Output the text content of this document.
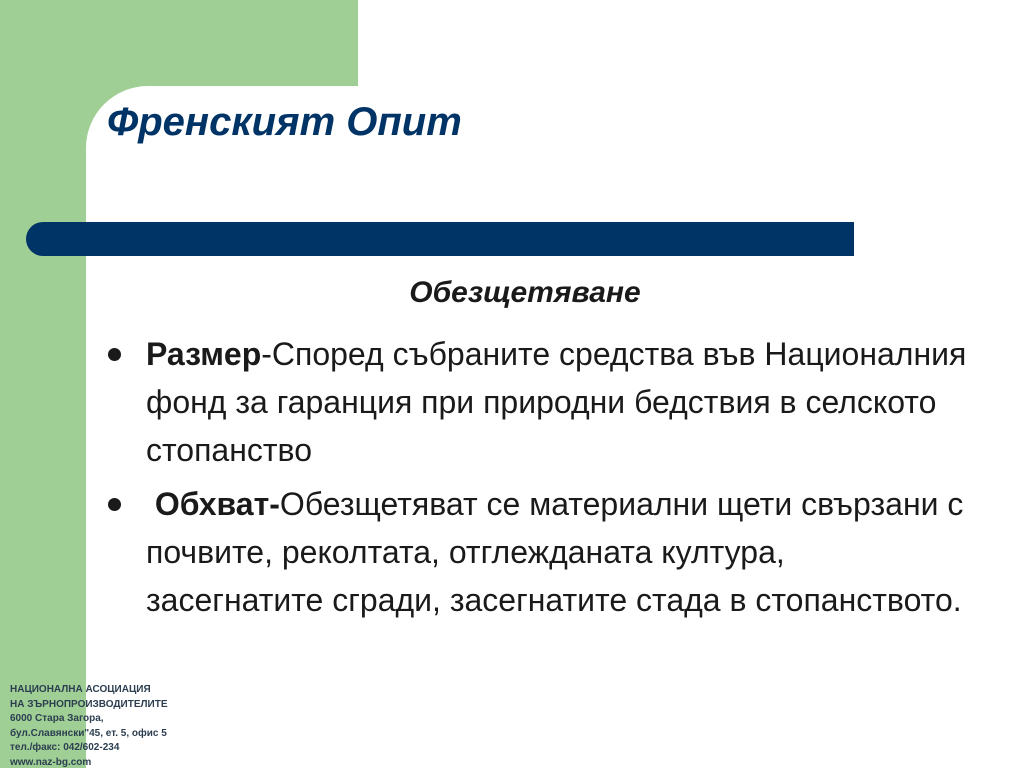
Френският Опит
Обезщетяване
Размер-Според събраните средства във Националния фонд за гаранция при природни бедствия в селското стопанство
Обхват-Обезщетяват се материални щети свързани с почвите, реколтата, отглежданата култура, засегнатите сгради, засегнатите стада в стопанството.
НАЦИОНАЛНА АСОЦИАЦИЯ
НА ЗЪРНОПРОИЗВОДИТЕЛИТЕ
6000 Стара Загора,
бул.Славянски"45, ет. 5, офис 5
тел./факс: 042/602-234
www.naz-bg.com
